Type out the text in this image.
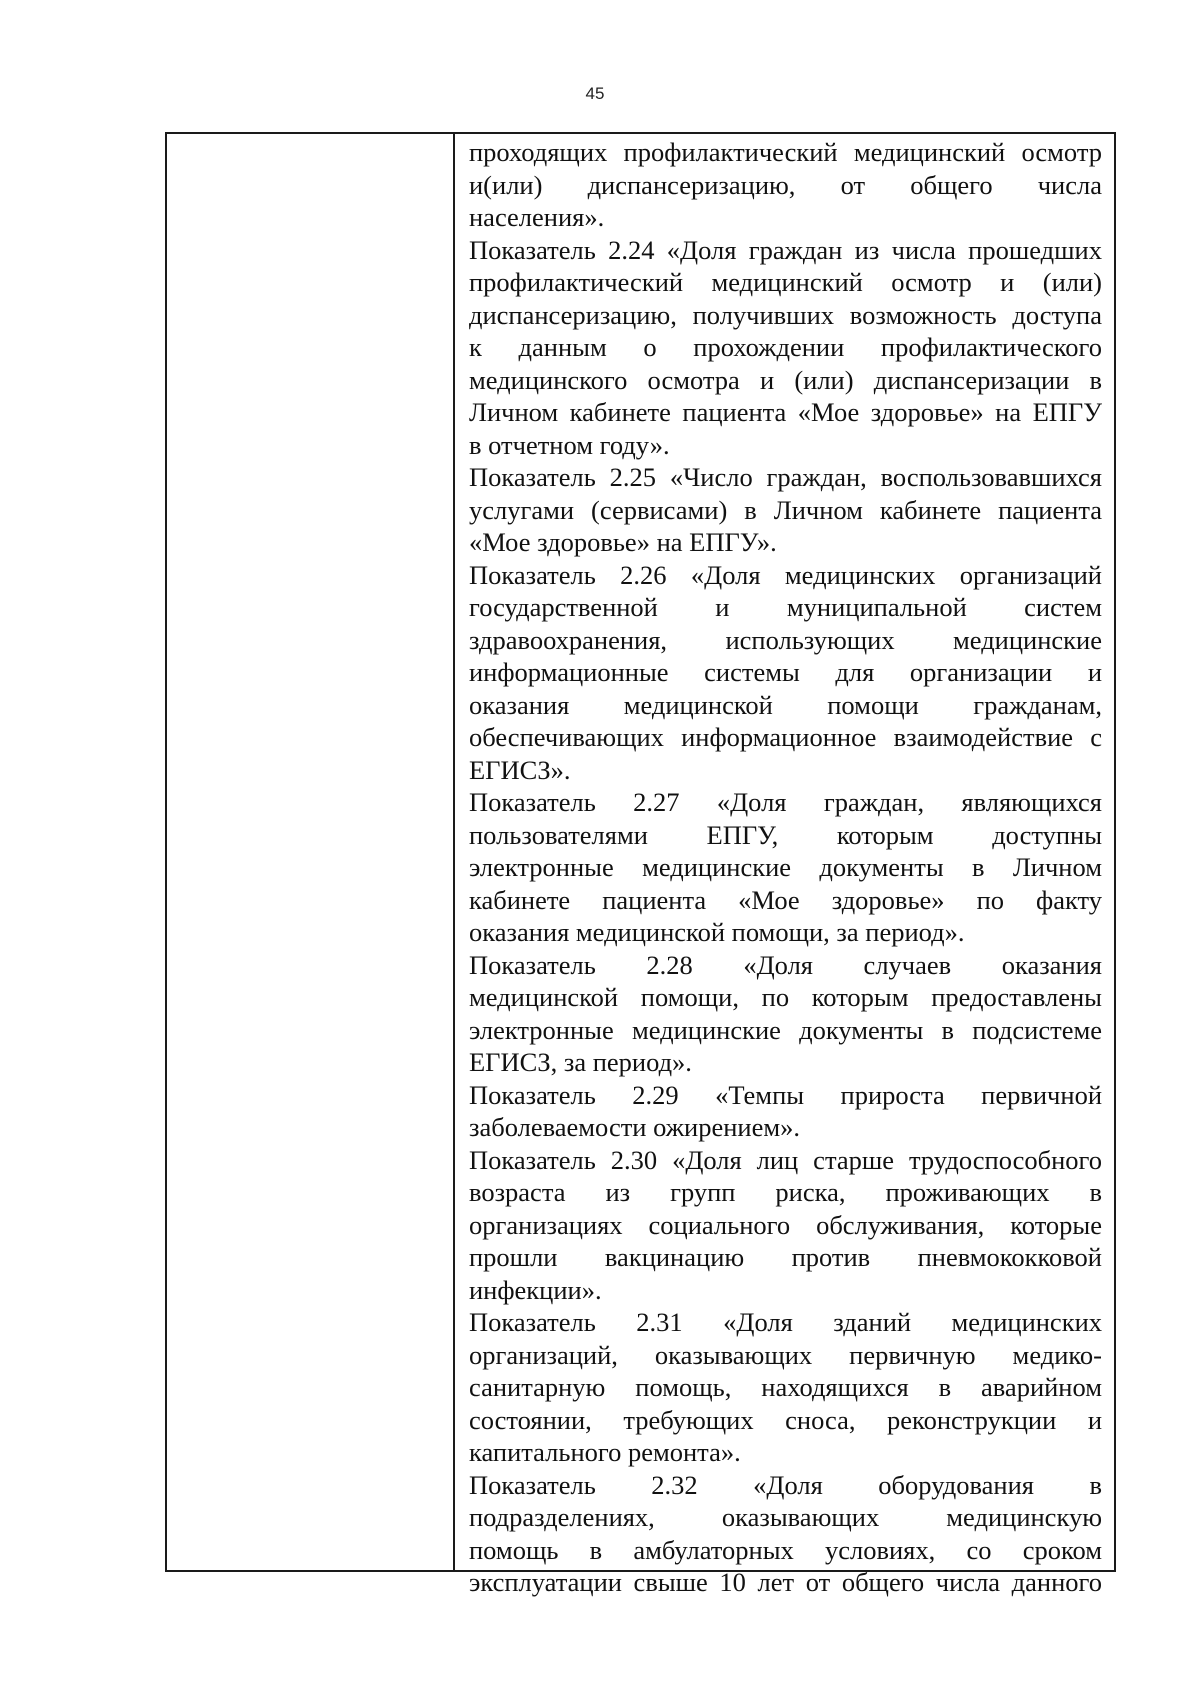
45

проходящих профилактический медицинский осмотр
и(или) диспансеризацию, от общего числа
населения».

Показатель 2.24 «Доля граждан из числа прошедших
профилактический медицинский осмотр и (или)
диспансеризацию, получивших возможность доступа
к данным о прохождении профилактического
медицинского осмотра и (или) диспансеризации в
Личном кабинете пациента «Мое здоровье» на ЕПГУ
в отчетном году».

Показатель 2.25 «Число граждан, воспользовавшихся
услугами (сервисами) в Личном кабинете пациента
«Мое здоровье» на ЕПГУ».

Показатель 2.26 «Доля медицинских организаций
государственной и муниципальной систем
здравоохранения, использующих медицинские
информационные системы для организации и
оказания медицинской помощи гражданам,
обеспечивающих информационное взаимодействие с
ЕГИСЗ».

Показатель 2.27 «Доля граждан, являющихся
пользователями ЕПГУ, которым доступны
электронные медицинские документы в Личном
кабинете пациента «Мое здоровье» по факту
оказания медицинской помощи, за период».

Показатель 2.28 «Доля случаев оказания
медицинской помощи, по которым предоставлены
электронные медицинские документы в подсистеме
ЕГИСЗ, за период».

Показатель 2.29 «Темпы прироста первичной
заболеваемости ожирением».

Показатель 2.30 «Доля лиц старше трудоспособного
возраста из групп риска, проживающих в
организациях социального обслуживания, которые
прошли вакцинацию против пневмококковой
инфекции».

Показатель 2.31 «Доля зданий медицинских
организаций, оказывающих первичную медико-
санитарную помощь, находящихся в аварийном
состоянии, требующих сноса, реконструкции и
капитального ремонта».

Показатель 2.32 «Доля оборудования в
подразделениях, оказывающих медицинскую
помощь в амбулаторных условиях, со сроком
эксплуатации свыше 10 лет от общего числа данного
